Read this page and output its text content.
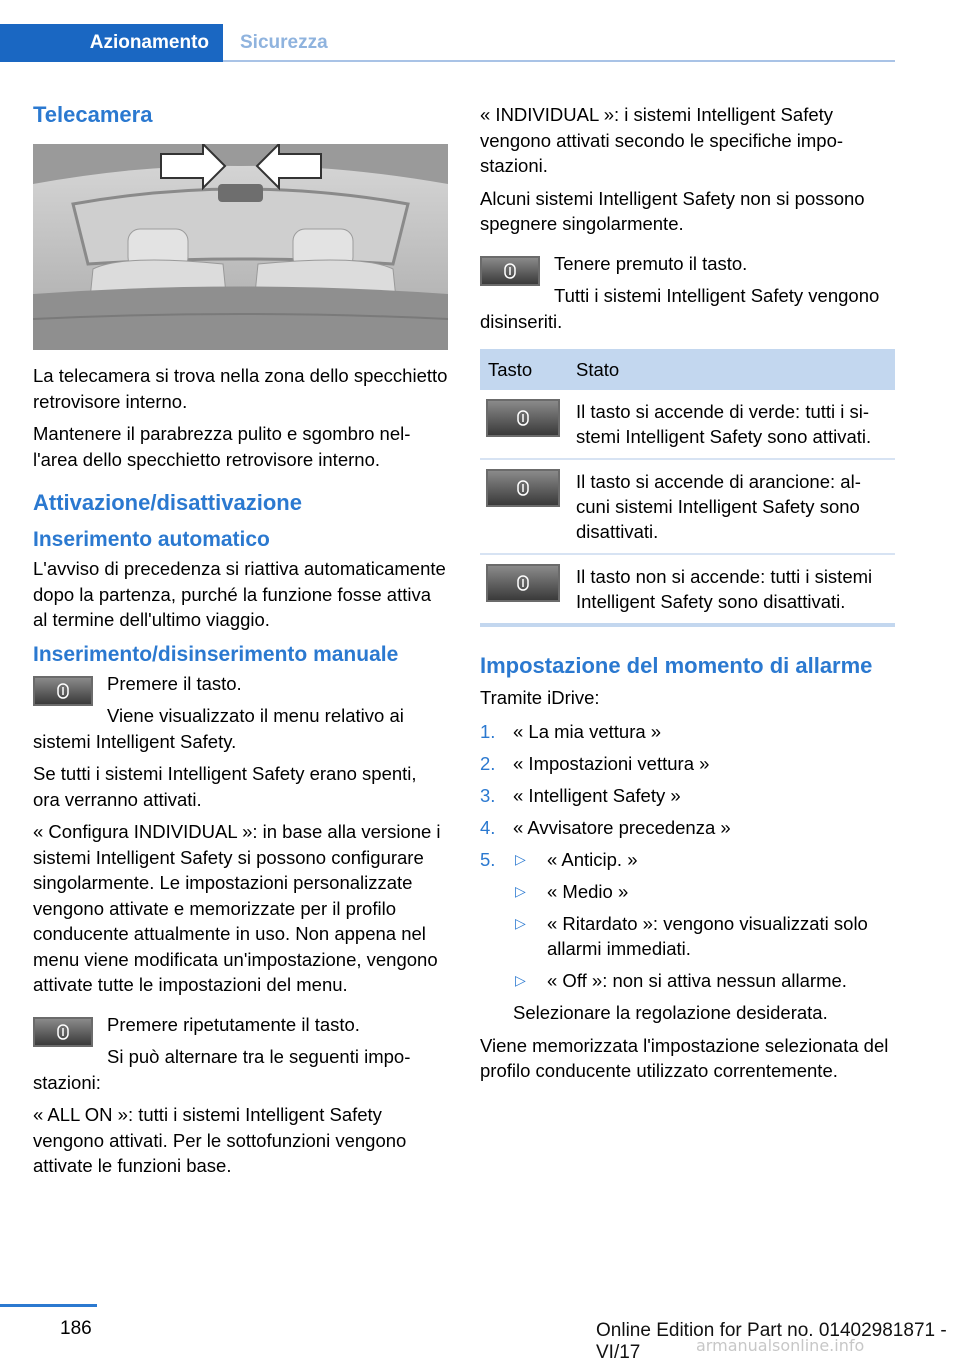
Azionamento	Sicurezza
Telecamera
La telecamera si trova nella zona dello specchietto retrovisore interno.
Mantenere il parabrezza pulito e sgombro nell'area dello specchietto retrovisore interno.
Attivazione/disattivazione
Inserimento automatico
L'avviso di precedenza si riattiva automaticamente dopo la partenza, purché la funzione fosse attiva al termine dell'ultimo viaggio.
Inserimento/disinserimento manuale
Premere il tasto.
Viene visualizzato il menu relativo ai sistemi Intelligent Safety.
Se tutti i sistemi Intelligent Safety erano spenti, ora verranno attivati.
« Configura INDIVIDUAL »: in base alla versione i sistemi Intelligent Safety si possono configurare singolarmente. Le impostazioni personalizzate vengono attivate e memorizzate per il profilo conducente attualmente in uso. Non appena nel menu viene modificata un'impostazione, vengono attivate tutte le impostazioni del menu.
Premere ripetutamente il tasto.
Si può alternare tra le seguenti impostazioni:
« ALL ON »: tutti i sistemi Intelligent Safety vengono attivati. Per le sottofunzioni vengono attivate le funzioni base.
« INDIVIDUAL »: i sistemi Intelligent Safety vengono attivati secondo le specifiche impostazioni.
Alcuni sistemi Intelligent Safety non si possono spegnere singolarmente.
Tenere premuto il tasto.
Tutti i sistemi Intelligent Safety vengono disinseriti.
Tasto	Stato

	Il tasto si accende di verde: tutti i sistemi Intelligent Safety sono attivati.

	Il tasto si accende di arancione: alcuni sistemi Intelligent Safety sono disattivati.

	Il tasto non si accende: tutti i sistemi Intelligent Safety sono disattivati.
Impostazione del momento di allarme
Tramite iDrive:
1. « La mia vettura »
2. « Impostazioni vettura »
3. « Intelligent Safety »
4. « Avvisatore precedenza »
5. ▷ « Anticip. »
▷ « Medio »
▷ « Ritardato »: vengono visualizzati solo allarmi immediati.
▷ « Off »: non si attiva nessun allarme.
Selezionare la regolazione desiderata.
Viene memorizzata l'impostazione selezionata del profilo conducente utilizzato correntemente.
186	Online Edition for Part no. 01402981871 - VI/17	armanualsonline.info
